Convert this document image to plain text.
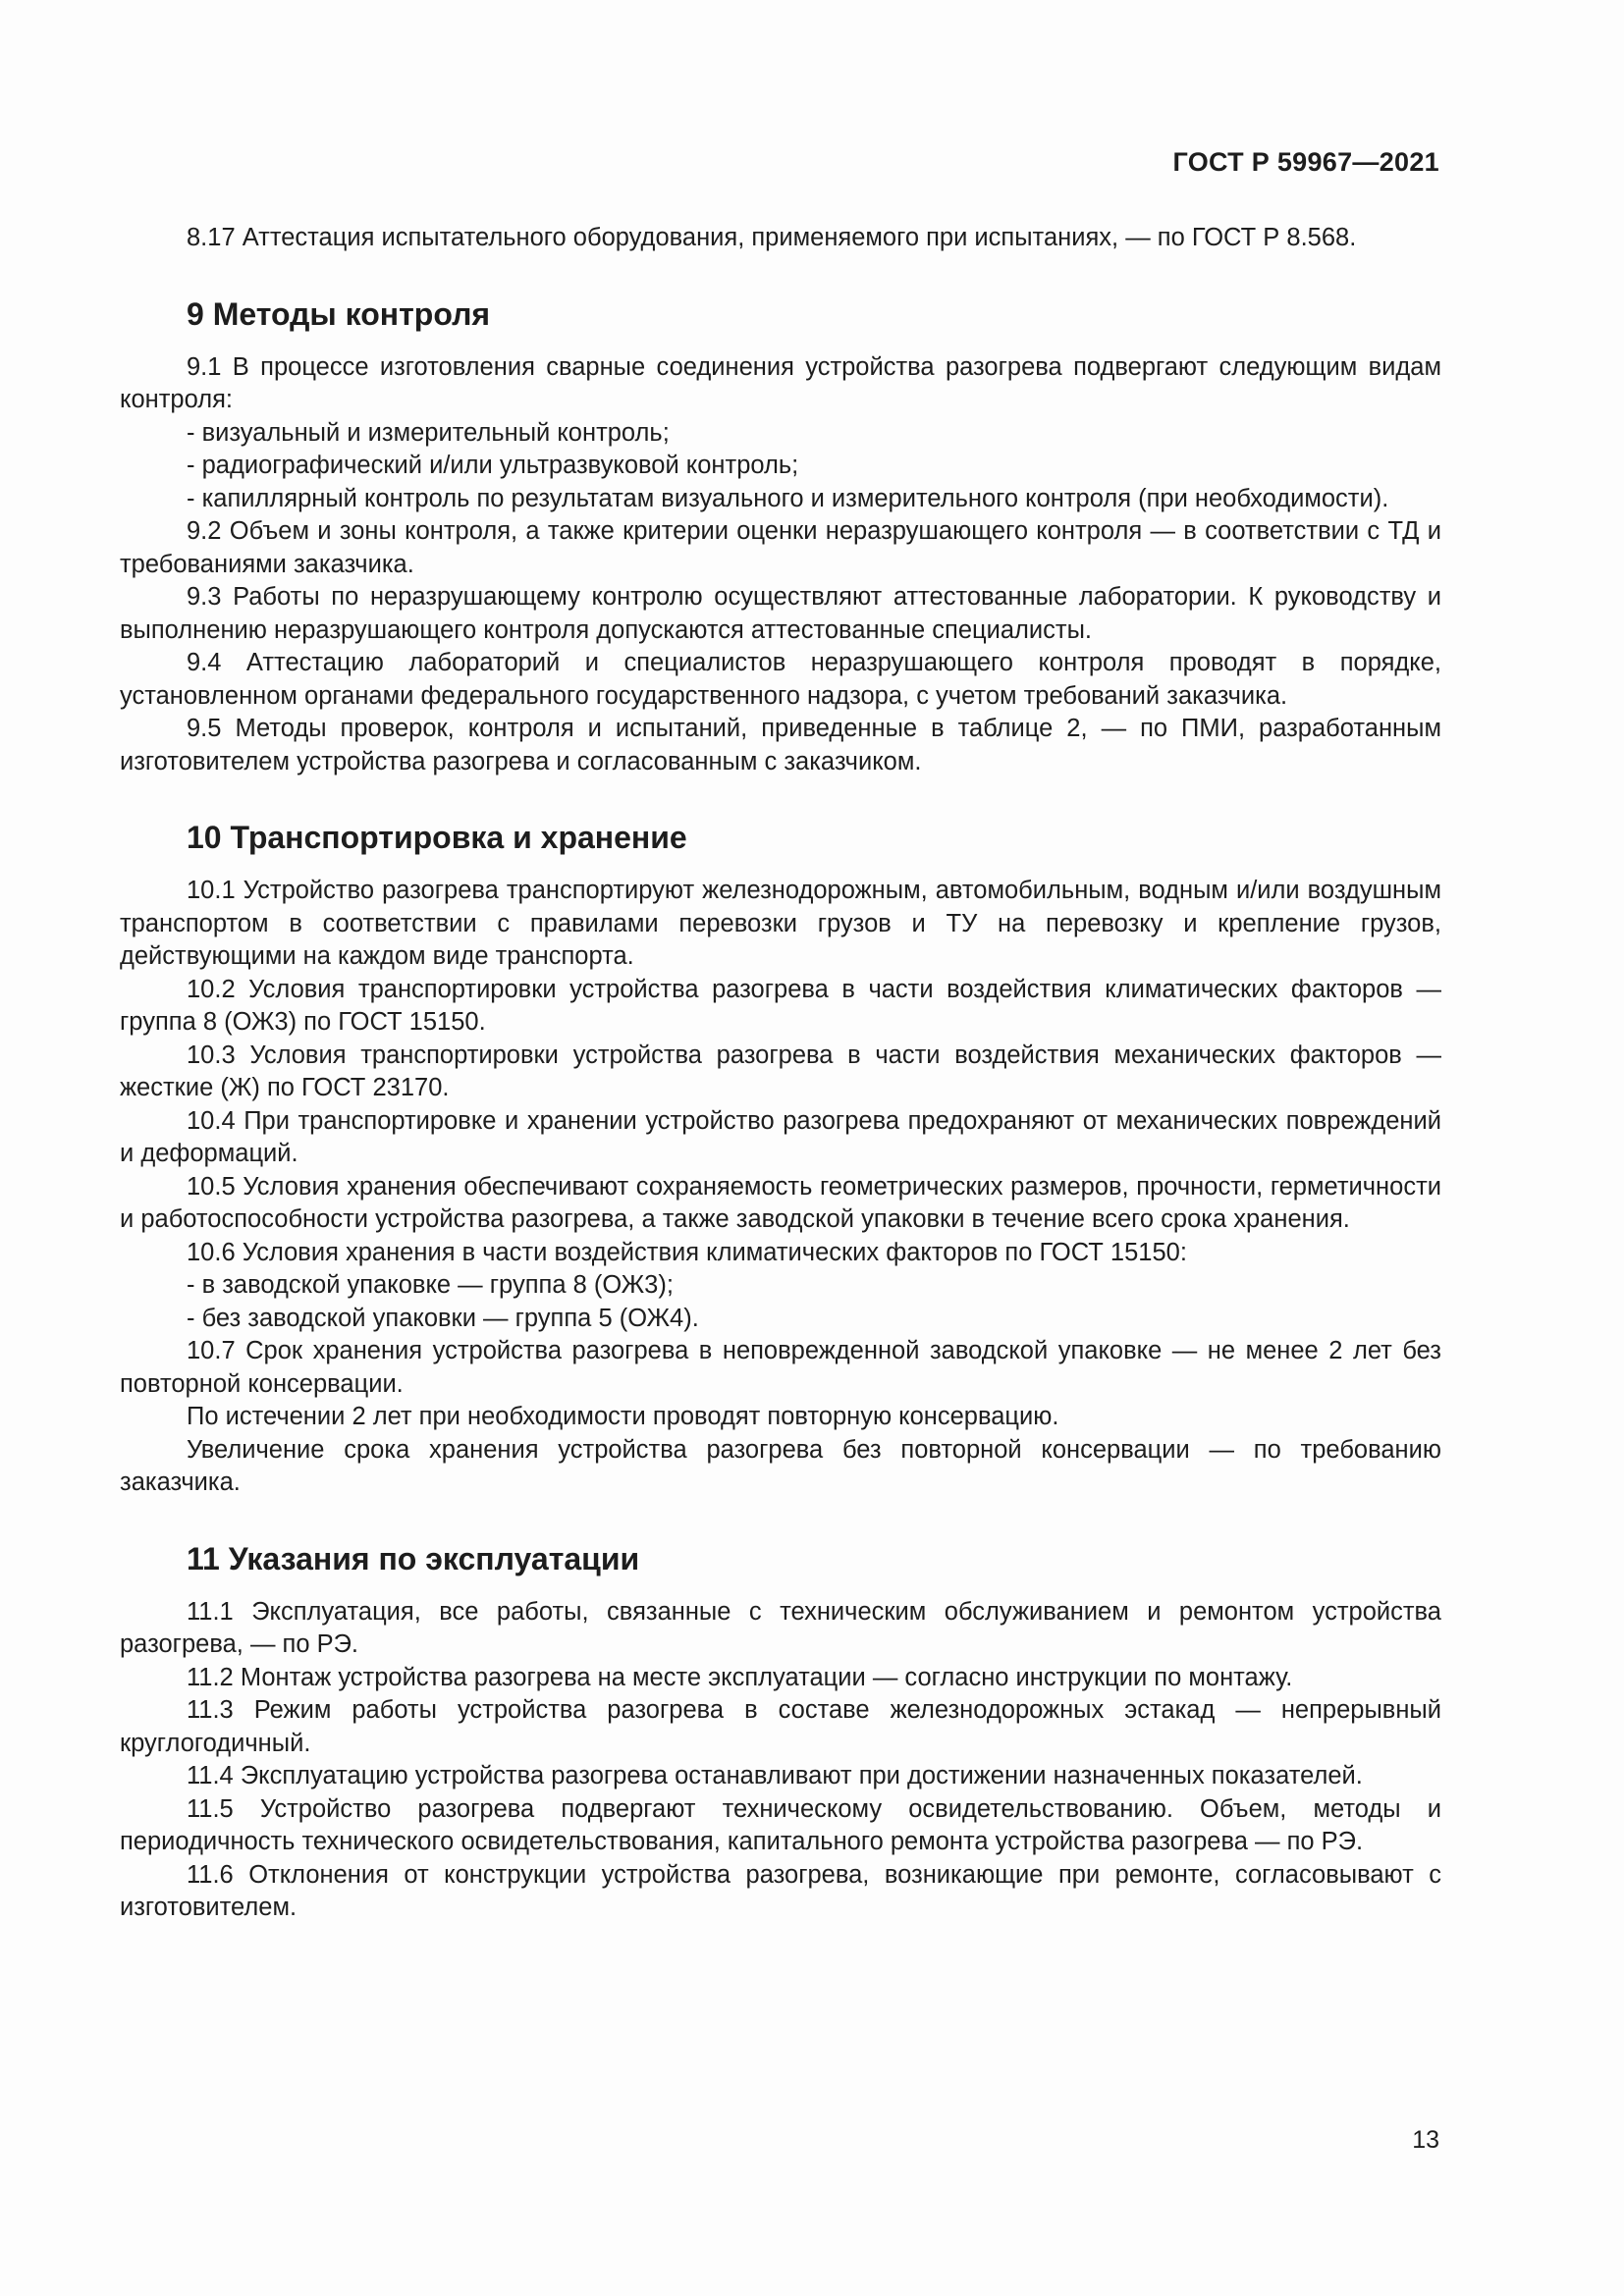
ГОСТ Р 59967—2021

8.17 Аттестация испытательного оборудования, применяемого при испытаниях, — по ГОСТ Р 8.568.

9 Методы контроля

9.1 В процессе изготовления сварные соединения устройства разогрева подвергают следующим видам контроля:

- визуальный и измерительный контроль;

- радиографический и/или ультразвуковой контроль;

- капиллярный контроль по результатам визуального и измерительного контроля (при необходимости).

9.2 Объем и зоны контроля, а также критерии оценки неразрушающего контроля — в соответствии с ТД и требованиями заказчика.

9.3 Работы по неразрушающему контролю осуществляют аттестованные лаборатории. К руководству и выполнению неразрушающего контроля допускаются аттестованные специалисты.

9.4 Аттестацию лабораторий и специалистов неразрушающего контроля проводят в порядке, установленном органами федерального государственного надзора, с учетом требований заказчика.

9.5 Методы проверок, контроля и испытаний, приведенные в таблице 2, — по ПМИ, разработанным изготовителем устройства разогрева и согласованным с заказчиком.

10 Транспортировка и хранение

10.1 Устройство разогрева транспортируют железнодорожным, автомобильным, водным и/или воздушным транспортом в соответствии с правилами перевозки грузов и ТУ на перевозку и крепление грузов, действующими на каждом виде транспорта.

10.2 Условия транспортировки устройства разогрева в части воздействия климатических факторов — группа 8 (ОЖ3) по ГОСТ 15150.

10.3 Условия транспортировки устройства разогрева в части воздействия механических факторов — жесткие (Ж) по ГОСТ 23170.

10.4 При транспортировке и хранении устройство разогрева предохраняют от механических повреждений и деформаций.

10.5 Условия хранения обеспечивают сохраняемость геометрических размеров, прочности, герметичности и работоспособности устройства разогрева, а также заводской упаковки в течение всего срока хранения.

10.6 Условия хранения в части воздействия климатических факторов по ГОСТ 15150:

- в заводской упаковке — группа 8 (ОЖ3);

- без заводской упаковки — группа 5 (ОЖ4).

10.7 Срок хранения устройства разогрева в неповрежденной заводской упаковке — не менее 2 лет без повторной консервации.

По истечении 2 лет при необходимости проводят повторную консервацию.

Увеличение срока хранения устройства разогрева без повторной консервации — по требованию заказчика.

11 Указания по эксплуатации

11.1 Эксплуатация, все работы, связанные с техническим обслуживанием и ремонтом устройства разогрева, — по РЭ.

11.2 Монтаж устройства разогрева на месте эксплуатации — согласно инструкции по монтажу.

11.3 Режим работы устройства разогрева в составе железнодорожных эстакад — непрерывный круглогодичный.

11.4 Эксплуатацию устройства разогрева останавливают при достижении назначенных показателей.

11.5 Устройство разогрева подвергают техническому освидетельствованию. Объем, методы и периодичность технического освидетельствования, капитального ремонта устройства разогрева — по РЭ.

11.6 Отклонения от конструкции устройства разогрева, возникающие при ремонте, согласовывают с изготовителем.

13
